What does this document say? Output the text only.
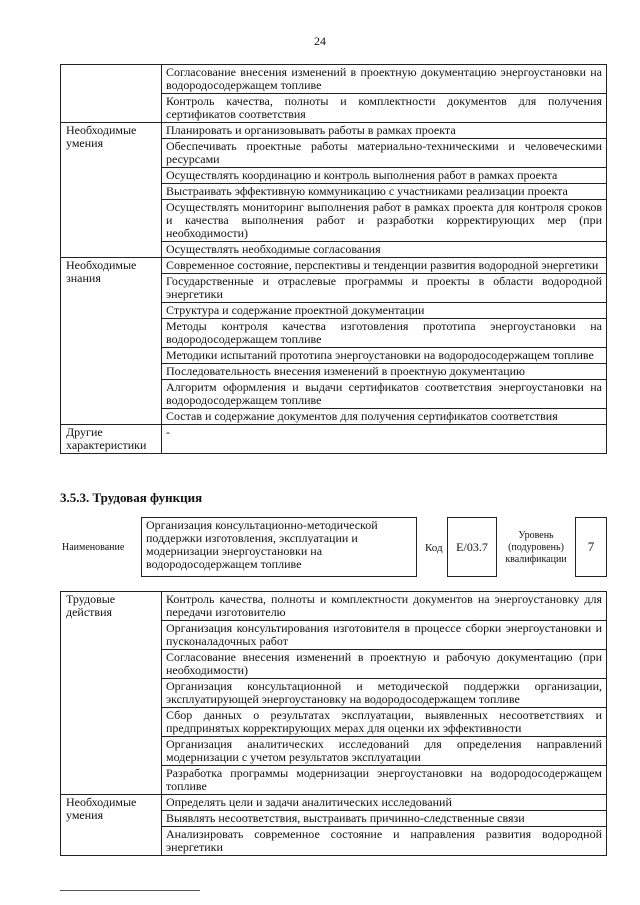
24
	Согласование внесения изменений в проектную документацию энергоустановки на водородосодержащем топливе
	Контроль качества, полноты и комплектности документов для получения сертификатов соответствия
Необходимые умения	Планировать и организовывать работы в рамках проекта
	Обеспечивать проектные работы материально-техническими и человеческими ресурсами
	Осуществлять координацию и контроль выполнения работ в рамках проекта
	Выстраивать эффективную коммуникацию с участниками реализации проекта
	Осуществлять мониторинг выполнения работ в рамках проекта для контроля сроков и качества выполнения работ и разработки корректирующих мер (при необходимости)
	Осуществлять необходимые согласования
Необходимые знания	Современное состояние, перспективы и тенденции развития водородной энергетики
	Государственные и отраслевые программы и проекты в области водородной энергетики
	Структура и содержание проектной документации
	Методы контроля качества изготовления прототипа энергоустановки на водородосодержащем топливе
	Методики испытаний прототипа энергоустановки на водородосодержащем топливе
	Последовательность внесения изменений в проектную документацию
	Алгоритм оформления и выдачи сертификатов соответствия энергоустановки на водородосодержащем топливе
	Состав и содержание документов для получения сертификатов соответствия
Другие характеристики	-
3.5.3. Трудовая функция
Наименование
Организация консультационно-методической поддержки изготовления, эксплуатации и модернизации энергоустановки на водородосодержащем топливе
Код	E/03.7
Уровень (подуровень) квалификации
7
Трудовые действия	Контроль качества, полноты и комплектности документов на энергоустановку для передачи изготовителю
	Организация консультирования изготовителя в процессе сборки энергоустановки и пусконаладочных работ
	Согласование внесения изменений в проектную и рабочую документацию (при необходимости)
	Организация консультационной и методической поддержки организации, эксплуатирующей энергоустановку на водородосодержащем топливе
	Сбор данных о результатах эксплуатации, выявленных несоответствиях и предпринятых корректирующих мерах для оценки их эффективности
	Организация аналитических исследований для определения направлений модернизации с учетом результатов эксплуатации
	Разработка программы модернизации энергоустановки на водородосодержащем топливе
Необходимые умения	Определять цели и задачи аналитических исследований
	Выявлять несоответствия, выстраивать причинно-следственные связи
	Анализировать современное состояние и направления развития водородной энергетики
